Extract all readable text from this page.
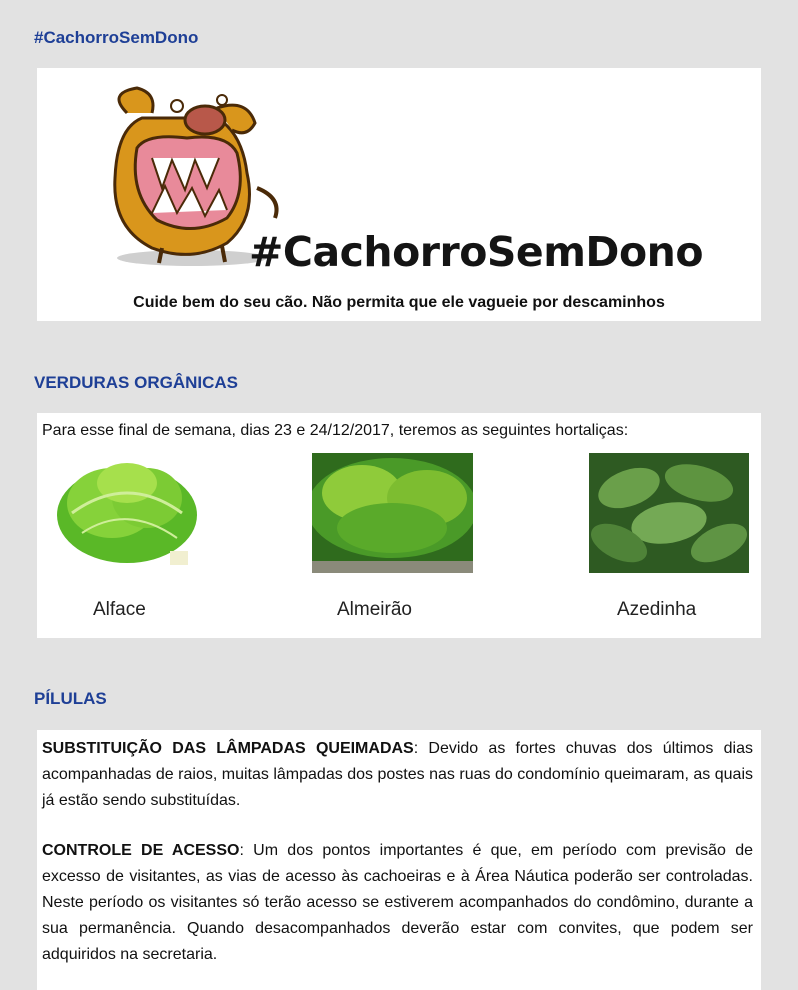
#CachorroSemDono
#CachorroSemDono
Cuide bem do seu cão. Não permita que ele vagueie por descaminhos
VERDURAS ORGÂNICAS
Para esse final de semana, dias 23 e 24/12/2017, teremos as seguintes hortaliças:
Alface	Almeirão	Azedinha
PÍLULAS
SUBSTITUIÇÃO DAS LÂMPADAS QUEIMADAS: Devido as fortes chuvas dos últimos dias acompanhadas de raios, muitas lâmpadas dos postes nas ruas do condomínio queimaram, as quais já estão sendo substituídas.
CONTROLE DE ACESSO: Um dos pontos importantes é que, em período com previsão de excesso de visitantes, as vias de acesso às cachoeiras e à Área Náutica poderão ser controladas. Neste período os visitantes só terão acesso se estiverem acompanhados do condômino, durante a sua permanência. Quando desacompanhados deverão estar com convites, que podem ser adquiridos na secretaria.
